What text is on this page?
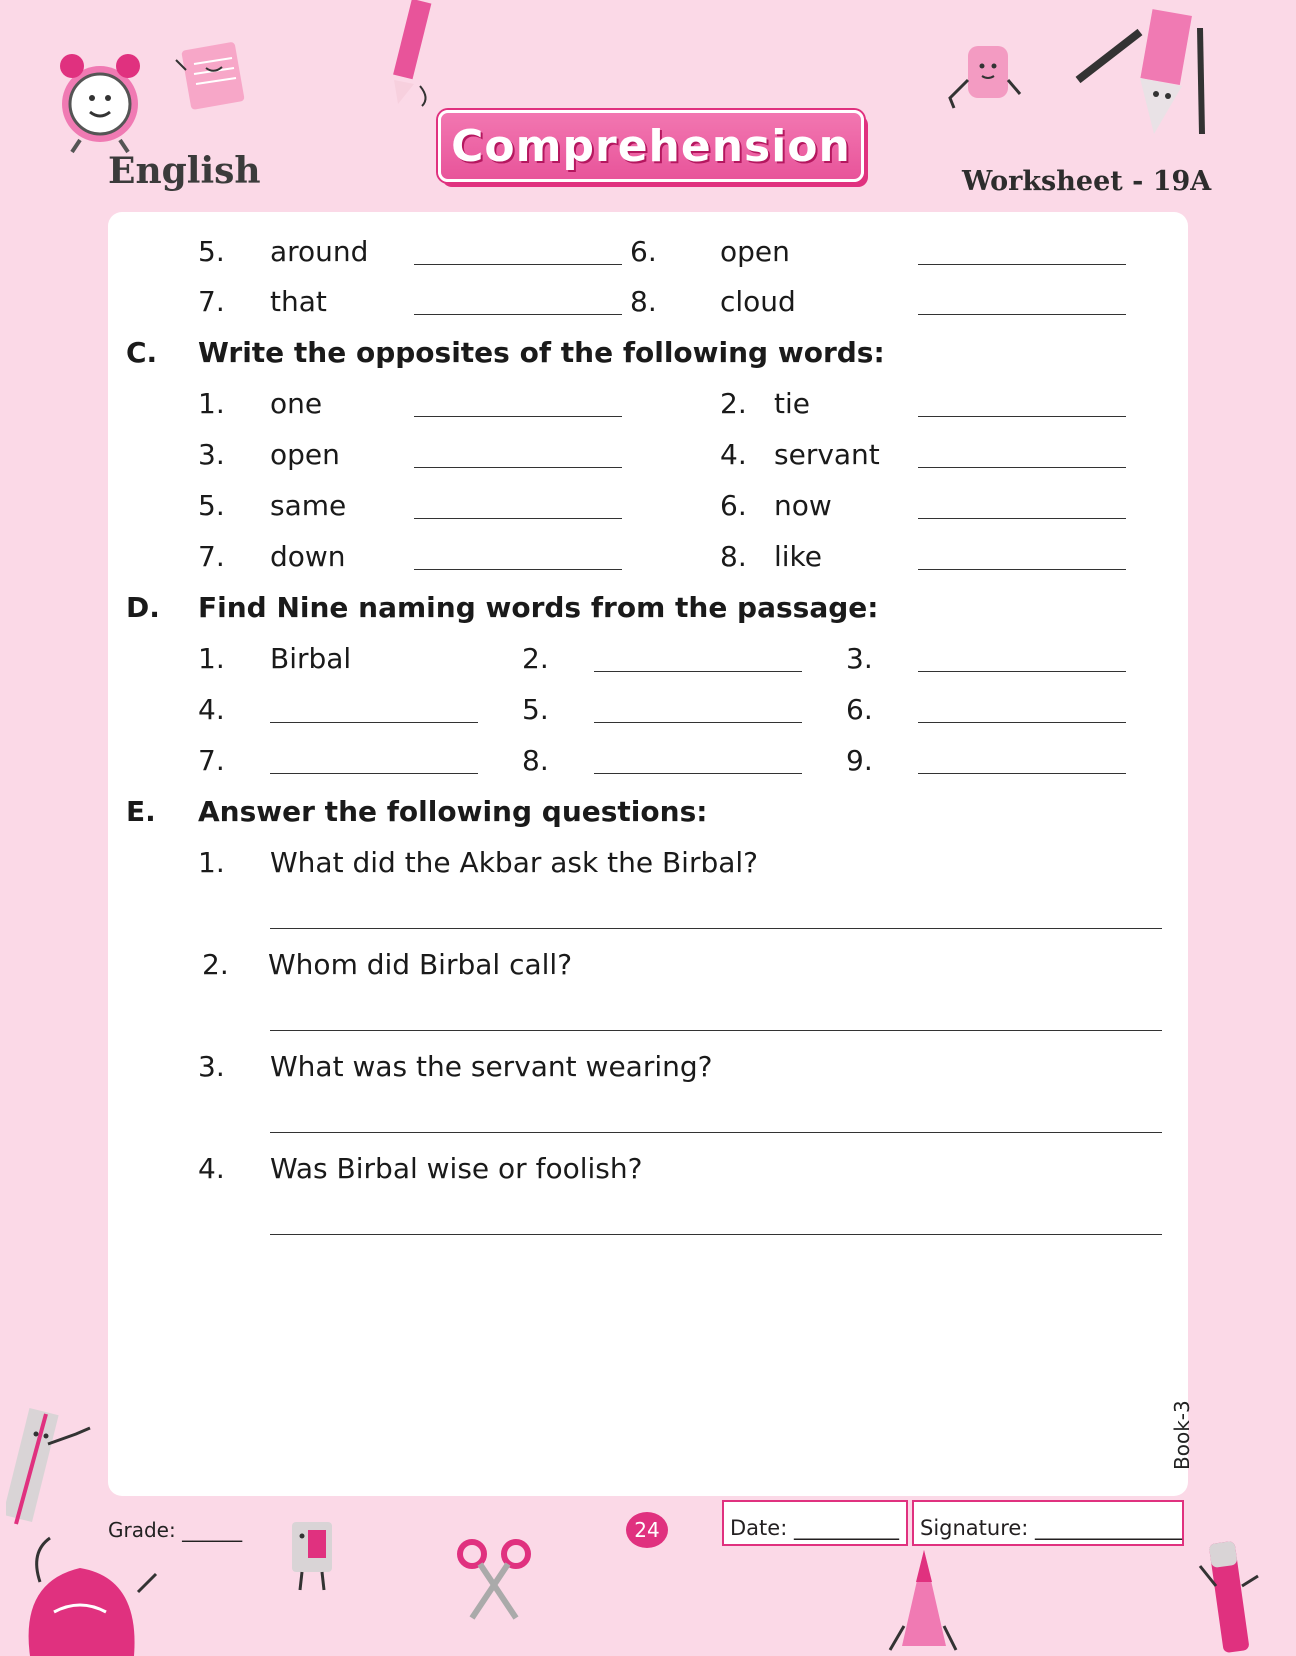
English	Comprehension
Worksheet - 19A
5. around	6. open
7. that	8. cloud
C. Write the opposites of the following words:
1. one	2. tie
3. open	4. servant
5. same	6. now
7. down	8. like
D. Find Nine naming words from the passage:
1. Birbal	2.	3.
4.	5.	6.
7.	8.	9.
E. Answer the following questions:
1. What did the Akbar ask the Birbal?
2. Whom did Birbal call?
3. What was the servant wearing?
4. Was Birbal wise or foolish?
Book-3
Grade: ______	24	Date: __________	Signature: ______________
